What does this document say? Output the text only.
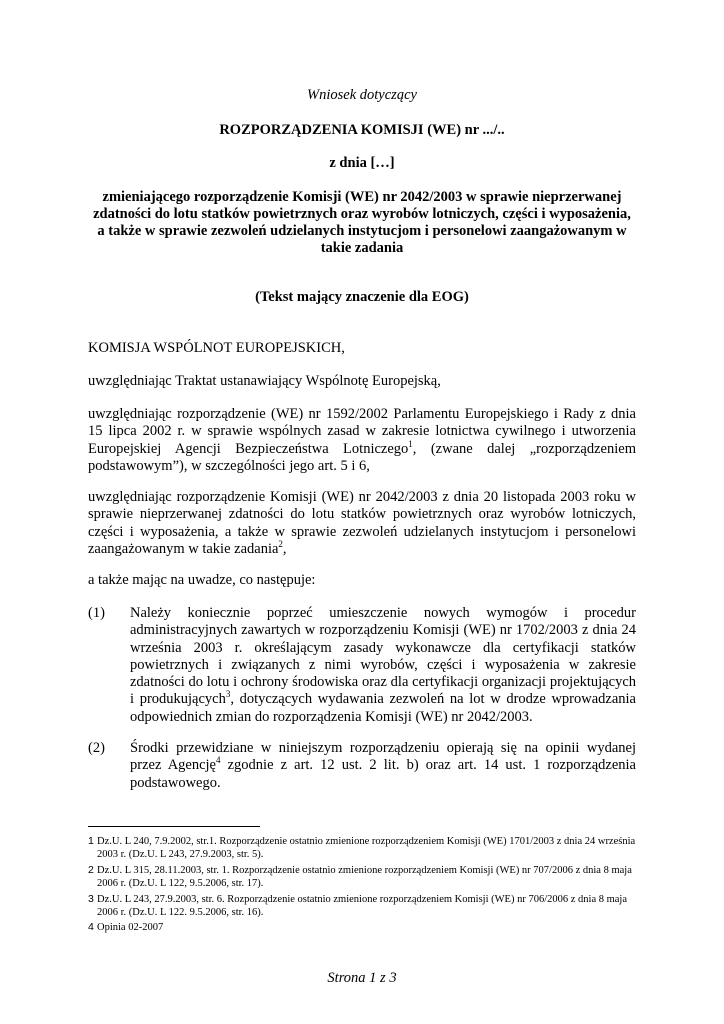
Wniosek dotyczący
ROZPORZĄDZENIA KOMISJI (WE) nr .../..
z dnia […]
zmieniającego rozporządzenie Komisji (WE) nr 2042/2003 w sprawie nieprzerwanej
zdatności do lotu statków powietrznych oraz wyrobów lotniczych, części i wyposażenia,
a także w sprawie zezwoleń udzielanych instytucjom i personelowi zaangażowanym w
takie zadania
(Tekst mający znaczenie dla EOG)
KOMISJA WSPÓLNOT EUROPEJSKICH,
uwzględniając Traktat ustanawiający Wspólnotę Europejską,
uwzględniając rozporządzenie (WE) nr 1592/2002 Parlamentu Europejskiego i Rady z dnia 15 lipca 2002 r. w sprawie wspólnych zasad w zakresie lotnictwa cywilnego i utworzenia Europejskiej Agencji Bezpieczeństwa Lotniczego$^1$, (zwane dalej „rozporządzeniem podstawowym”), w szczególności jego art. 5 i 6,
uwzględniając rozporządzenie Komisji (WE) nr 2042/2003 z dnia 20 listopada 2003 roku w sprawie nieprzerwanej zdatności do lotu statków powietrznych oraz wyrobów lotniczych, części i wyposażenia, a także w sprawie zezwoleń udzielanych instytucjom i personelowi zaangażowanym w takie zadania$^2$,
a także mając na uwadze, co następuje:
(1) Należy koniecznie poprzeć umieszczenie nowych wymogów i procedur administracyjnych zawartych w rozporządzeniu Komisji (WE) nr 1702/2003 z dnia 24 września 2003 r. określającym zasady wykonawcze dla certyfikacji statków powietrznych i związanych z nimi wyrobów, części i wyposażenia w zakresie zdatności do lotu i ochrony środowiska oraz dla certyfikacji organizacji projektujących i produkujących$^3$, dotyczących wydawania zezwoleń na lot w drodze wprowadzania odpowiednich zmian do rozporządzenia Komisji (WE) nr 2042/2003.
(2) Środki przewidziane w niniejszym rozporządzeniu opierają się na opinii wydanej przez Agencję$^4$ zgodnie z art. 12 ust. 2 lit. b) oraz art. 14 ust. 1 rozporządzenia podstawowego.
1 Dz.U. L 240, 7.9.2002, str.1. Rozporządzenie ostatnio zmienione rozporządzeniem Komisji (WE) 1701/2003 z dnia 24 września 2003 r. (Dz.U. L 243, 27.9.2003, str. 5).
2 Dz.U. L 315, 28.11.2003, str. 1. Rozporządzenie ostatnio zmienione rozporządzeniem Komisji (WE) nr 707/2006 z dnia 8 maja 2006 r. (Dz.U. L 122, 9.5.2006, str. 17).
3 Dz.U. L 243, 27.9.2003, str. 6. Rozporządzenie ostatnio zmienione rozporządzeniem Komisji (WE) nr 706/2006 z dnia 8 maja 2006 r. (Dz.U. L 122. 9.5.2006, str. 16).
4 Opinia 02-2007
Strona 1 z 3
